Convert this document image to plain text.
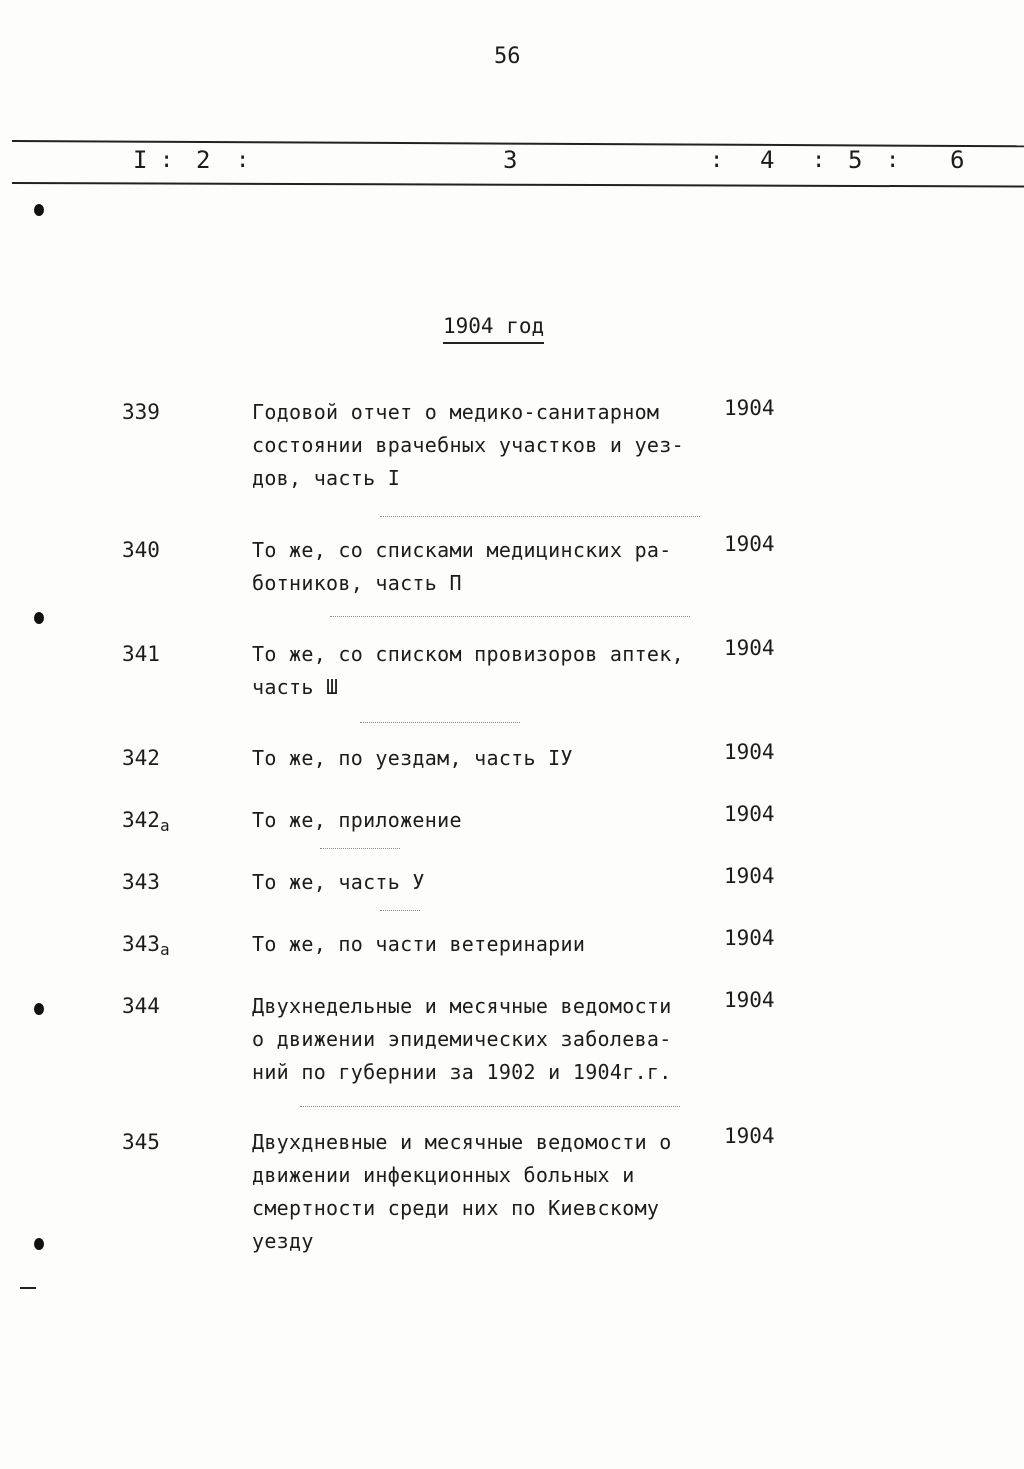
56
I : 2 :	3	: 4 : 5 : 6
1904 год
339	Годовой отчет о медико-санитарном
состоянии врачебных участков и уез-
дов, часть I
1904
340	То же, со списками медицинских ра-
ботников, часть П
1904
341	То же, со списком провизоров аптек,
часть Ш
1904
342	То же, по уездам, часть IУ	1904
$342_а$	То же, приложение	1904
343	То же, часть У	1904
$343_а$	То же, по части ветеринарии	1904
344	Двухнедельные и месячные ведомости
о движении эпидемических заболева-
ний по губернии за 1902 и 1904г.г.
1904
345	Двухдневные и месячные ведомости о
движении инфекционных больных и
смертности среди них по Киевскому
уезду
1904
